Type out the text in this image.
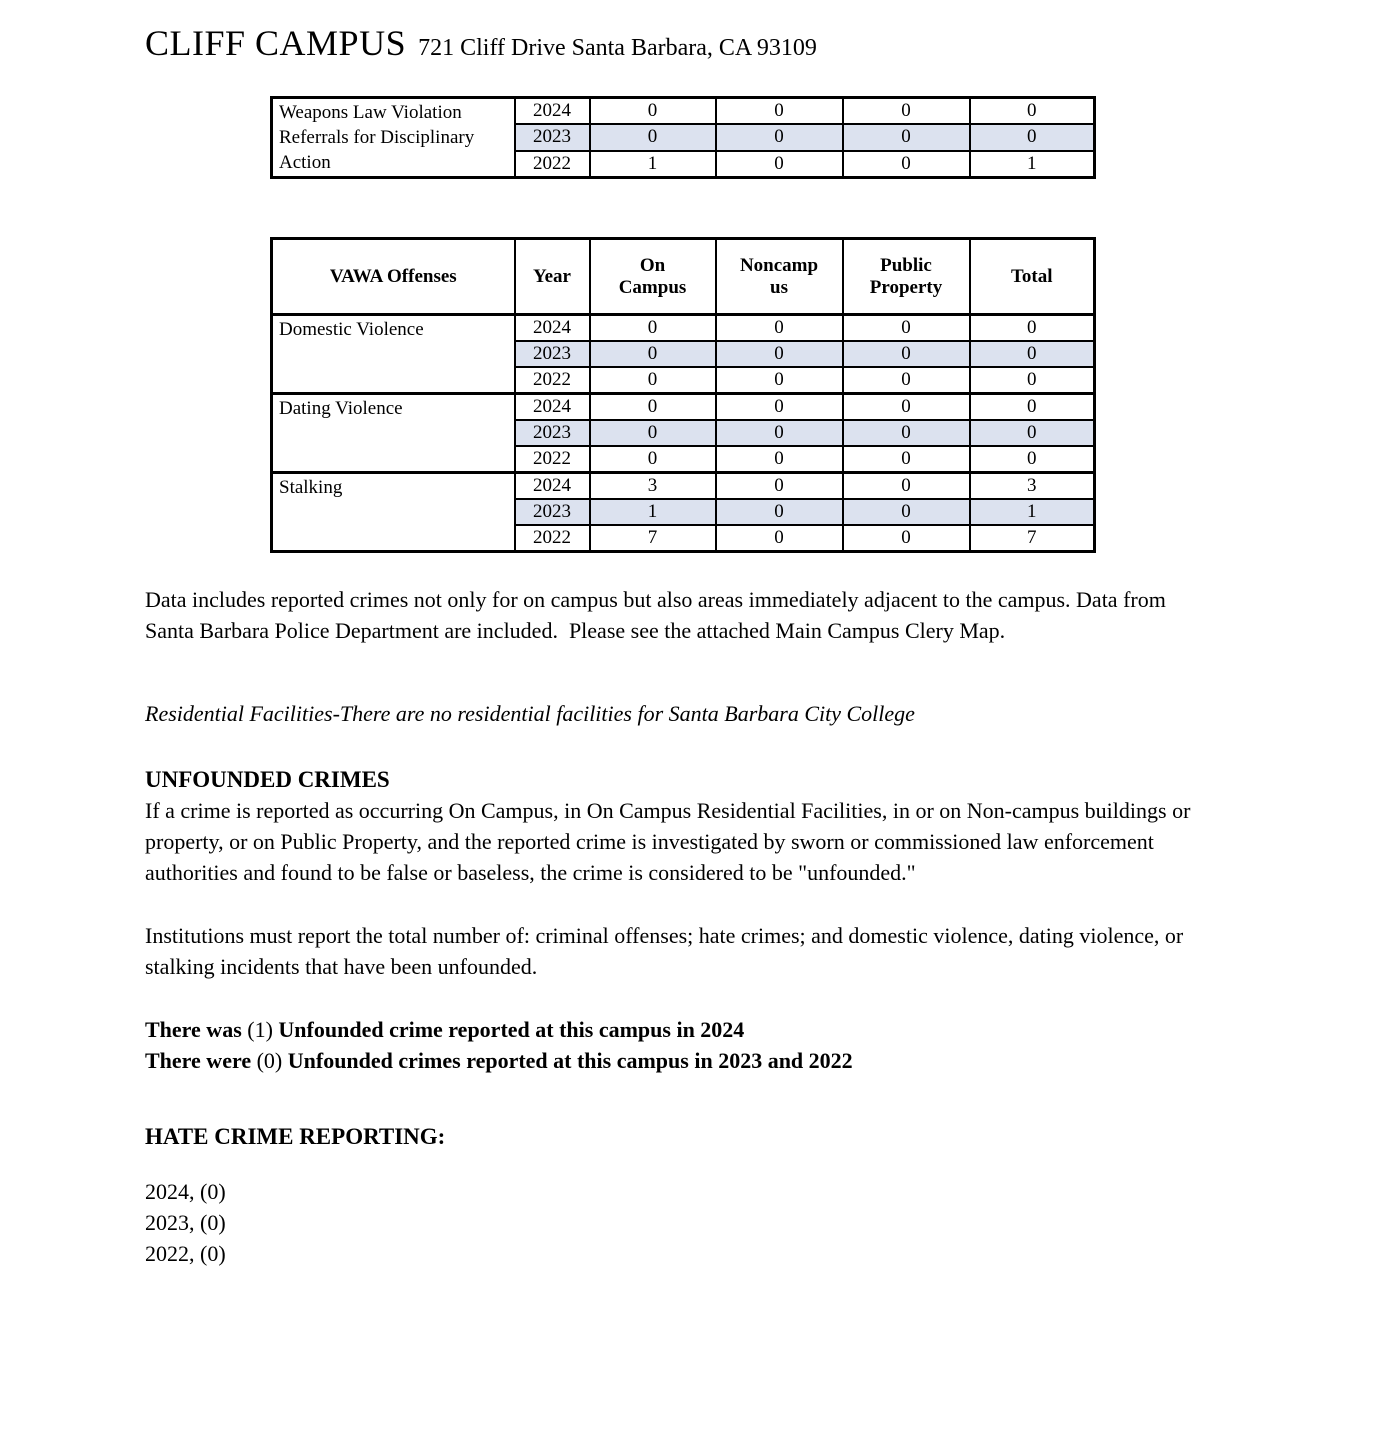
CLIFF CAMPUS 721 Cliff Drive Santa Barbara, CA 93109
Weapons Law Violation Referrals for Disciplinary Action	2024	0	0	0	0
	2023	0	0	0	0
	2022	1	0	0	1
VAWA Offenses	Year	On Campus	Noncampus	Public Property	Total
Domestic Violence	2024	0	0	0	0
	2023	0	0	0	0
	2022	0	0	0	0
Dating Violence	2024	0	0	0	0
	2023	0	0	0	0
	2022	0	0	0	0
Stalking	2024	3	0	0	3
	2023	1	0	0	1
	2022	7	0	0	7

Data includes reported crimes not only for on campus but also areas immediately adjacent to the campus. Data from Santa Barbara Police Department are included.  Please see the attached Main Campus Clery Map.

Residential Facilities-There are no residential facilities for Santa Barbara City College

UNFOUNDED CRIMES

If a crime is reported as occurring On Campus, in On Campus Residential Facilities, in or on Non-campus buildings or property, or on Public Property, and the reported crime is investigated by sworn or commissioned law enforcement authorities and found to be false or baseless, the crime is considered to be "unfounded."

Institutions must report the total number of: criminal offenses; hate crimes; and domestic violence, dating violence, or stalking incidents that have been unfounded.

There was (1) Unfounded crime reported at this campus in 2024

There were (0) Unfounded crimes reported at this campus in 2023 and 2022

HATE CRIME REPORTING:

2024, (0)

2023, (0)

2022, (0)
